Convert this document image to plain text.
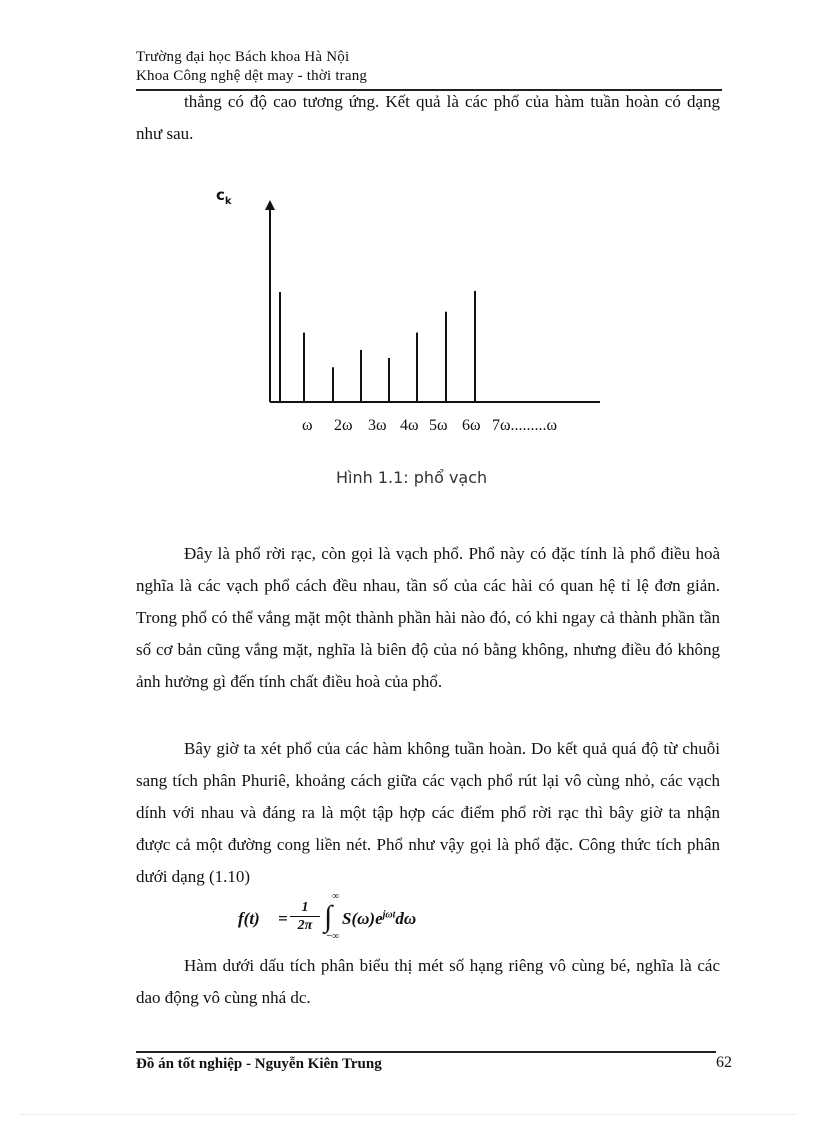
Trường đại học Bách khoa Hà Nội
Khoa Công nghệ dệt may - thời trang
thẳng có độ cao tương ứng. Kết quả là các phổ của hàm tuần hoàn có dạng như sau.
$c_k$
ω 2ω 3ω 4ω 5ω 6ω 7ω.........ω
Hình 1.1: phổ vạch
Đây là phổ rời rạc, còn gọi là vạch phổ. Phổ này có đặc tính là phổ điều hoà nghĩa là các vạch phổ cách đều nhau, tần số của các hài có quan hệ tỉ lệ đơn giản. Trong phổ có thể vắng mặt một thành phần hài nào đó, có khi ngay cả thành phần tần số cơ bản cũng vắng mặt, nghĩa là biên độ của nó bằng không, nhưng điều đó không ảnh hưởng gì đến tính chất điều hoà của phổ.
Bây giờ ta xét phổ của các hàm không tuần hoàn. Do kết quả quá độ từ chuỗi sang tích phân Phuriê, khoảng cách giữa các vạch phổ rút lại vô cùng nhỏ, các vạch dính với nhau và đáng ra là một tập hợp các điểm phổ rời rạc thì bây giờ ta nhận được cả một đường cong liền nét. Phổ như vậy gọi là phổ đặc. Công thức tích phân dưới dạng (1.10)
$f(t) = \frac{1}{2\pi}$
∞
∫
−∞
$S(\omega)e^{j\omega t}d\omega$
Hàm dưới dấu tích phân biểu thị mét số hạng riêng vô cùng bé, nghĩa là các dao động vô cùng nhá dc.
Đồ án tốt nghiệp - Nguyễn Kiên Trung	62
